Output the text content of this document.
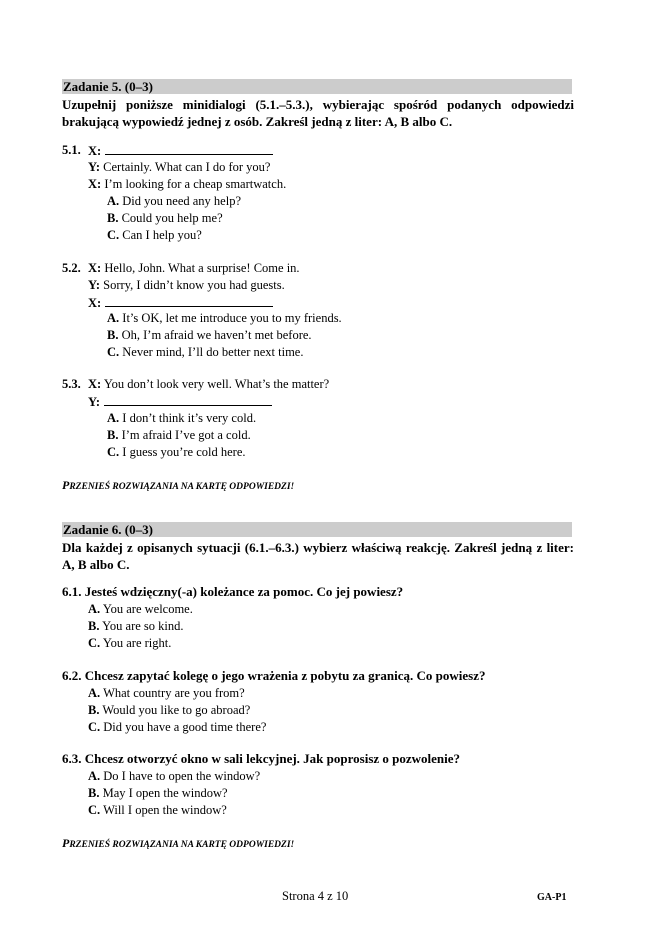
Zadanie 5. (0–3)
Uzupełnij poniższe minidialogi (5.1.–5.3.), wybierając spośród podanych odpowiedzi brakującą wypowiedź jednej z osób. Zakreśl jedną z liter: A, B albo C.
5.1. X:
Y: Certainly. What can I do for you?
X: I’m looking for a cheap smartwatch.
A. Did you need any help?
B. Could you help me?
C. Can I help you?
5.2. X: Hello, John. What a surprise! Come in.
Y: Sorry, I didn’t know you had guests.
X:
A. It’s OK, let me introduce you to my friends.
B. Oh, I’m afraid we haven’t met before.
C. Never mind, I’ll do better next time.
5.3. X: You don’t look very well. What’s the matter?
Y:
A. I don’t think it’s very cold.
B. I’m afraid I’ve got a cold.
C. I guess you’re cold here.
PRZENIEŚ ROZWIĄZANIA NA KARTĘ ODPOWIEDZI!
Zadanie 6. (0–3)
Dla każdej z opisanych sytuacji (6.1.–6.3.) wybierz właściwą reakcję. Zakreśl jedną z liter: A, B albo C.
6.1. Jesteś wdzięczny(-a) koleżance za pomoc. Co jej powiesz?
A. You are welcome.
B. You are so kind.
C. You are right.
6.2. Chcesz zapytać kolegę o jego wrażenia z pobytu za granicą. Co powiesz?
A. What country are you from?
B. Would you like to go abroad?
C. Did you have a good time there?
6.3. Chcesz otworzyć okno w sali lekcyjnej. Jak poprosisz o pozwolenie?
A. Do I have to open the window?
B. May I open the window?
C. Will I open the window?
PRZENIEŚ ROZWIĄZANIA NA KARTĘ ODPOWIEDZI!
Strona 4 z 10	GA-P1
